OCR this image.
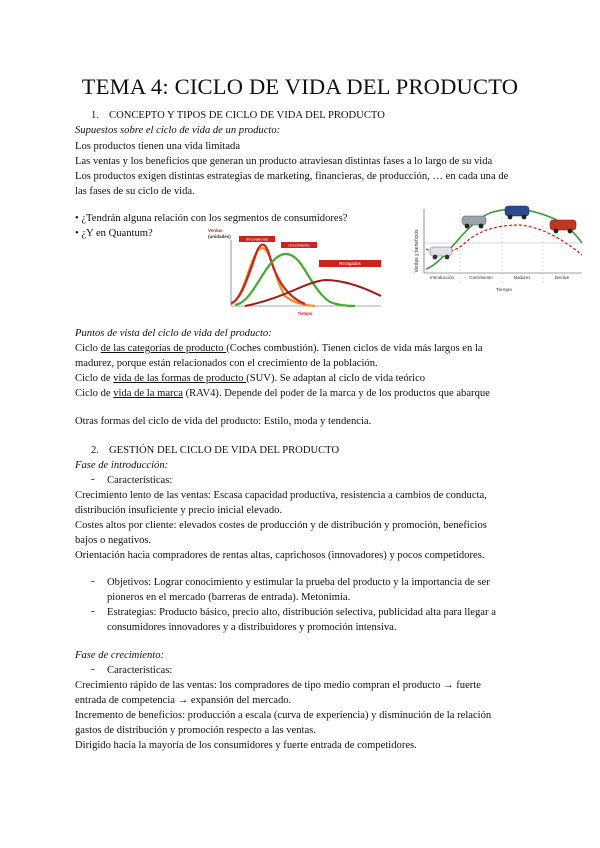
TEMA 4: CICLO DE VIDA DEL PRODUCTO
1. CONCEPTO Y TIPOS DE CICLO DE VIDA DEL PRODUCTO
Supuestos sobre el ciclo de vida de un producto:
Los productos tienen una vida limitada
Las ventas y los beneficios que generan un producto atraviesan distintas fases a lo largo de su vida
Los productos exigen distintas estrategias de marketing, financieras, de producción, … en cada una de
las fases de su ciclo de vida.
• ¿Tendrán alguna relación con los segmentos de consumidores?
• ¿Y en Quantum?	Ventas
(unidades)	Innovadores
Crecimiento
Rezagados
Tiempo
Ventas y beneficios
Introducción	Crecimiento	Madurez	Declive
Tiempo
Puntos de vista del ciclo de vida del producto:
Ciclo de las categorías de producto (Coches combustión). Tienen ciclos de vida más largos en la
madurez, porque están relacionados con el crecimiento de la población.
Ciclo de vida de las formas de producto (SUV). Se adaptan al ciclo de vida teórico
Ciclo de vida de la marca (RAV4). Depende del poder de la marca y de los productos que abarque
Otras formas del ciclo de vida del producto: Estilo, moda y tendencia.
2. GESTIÓN DEL CICLO DE VIDA DEL PRODUCTO
Fase de introducción:
- Características:
Crecimiento lento de las ventas: Escasa capacidad productiva, resistencia a cambios de conducta,
distribución insuficiente y precio inicial elevado.
Costes altos por cliente: elevados costes de producción y de distribución y promoción, beneficios
bajos o negativos.
Orientación hacia compradores de rentas altas, caprichosos (innovadores) y pocos competidores.
- Objetivos: Lograr conocimiento y estimular la prueba del producto y la importancia de ser
pioneros en el mercado (barreras de entrada). Metonimia.
- Estrategias: Producto básico, precio alto, distribución selectiva, publicidad alta para llegar a
consumidores innovadores y a distribuidores y promoción intensiva.
Fase de crecimiento:
- Características:
Crecimiento rápido de las ventas: los compradores de tipo medio compran el producto → fuerte
entrada de competencia → expansión del mercado.
Incremento de beneficios: producción a escala (curva de experiencia) y disminución de la relación
gastos de distribución y promoción respecto a las ventas.
Dirigido hacia la mayoría de los consumidores y fuerte entrada de competidores.
